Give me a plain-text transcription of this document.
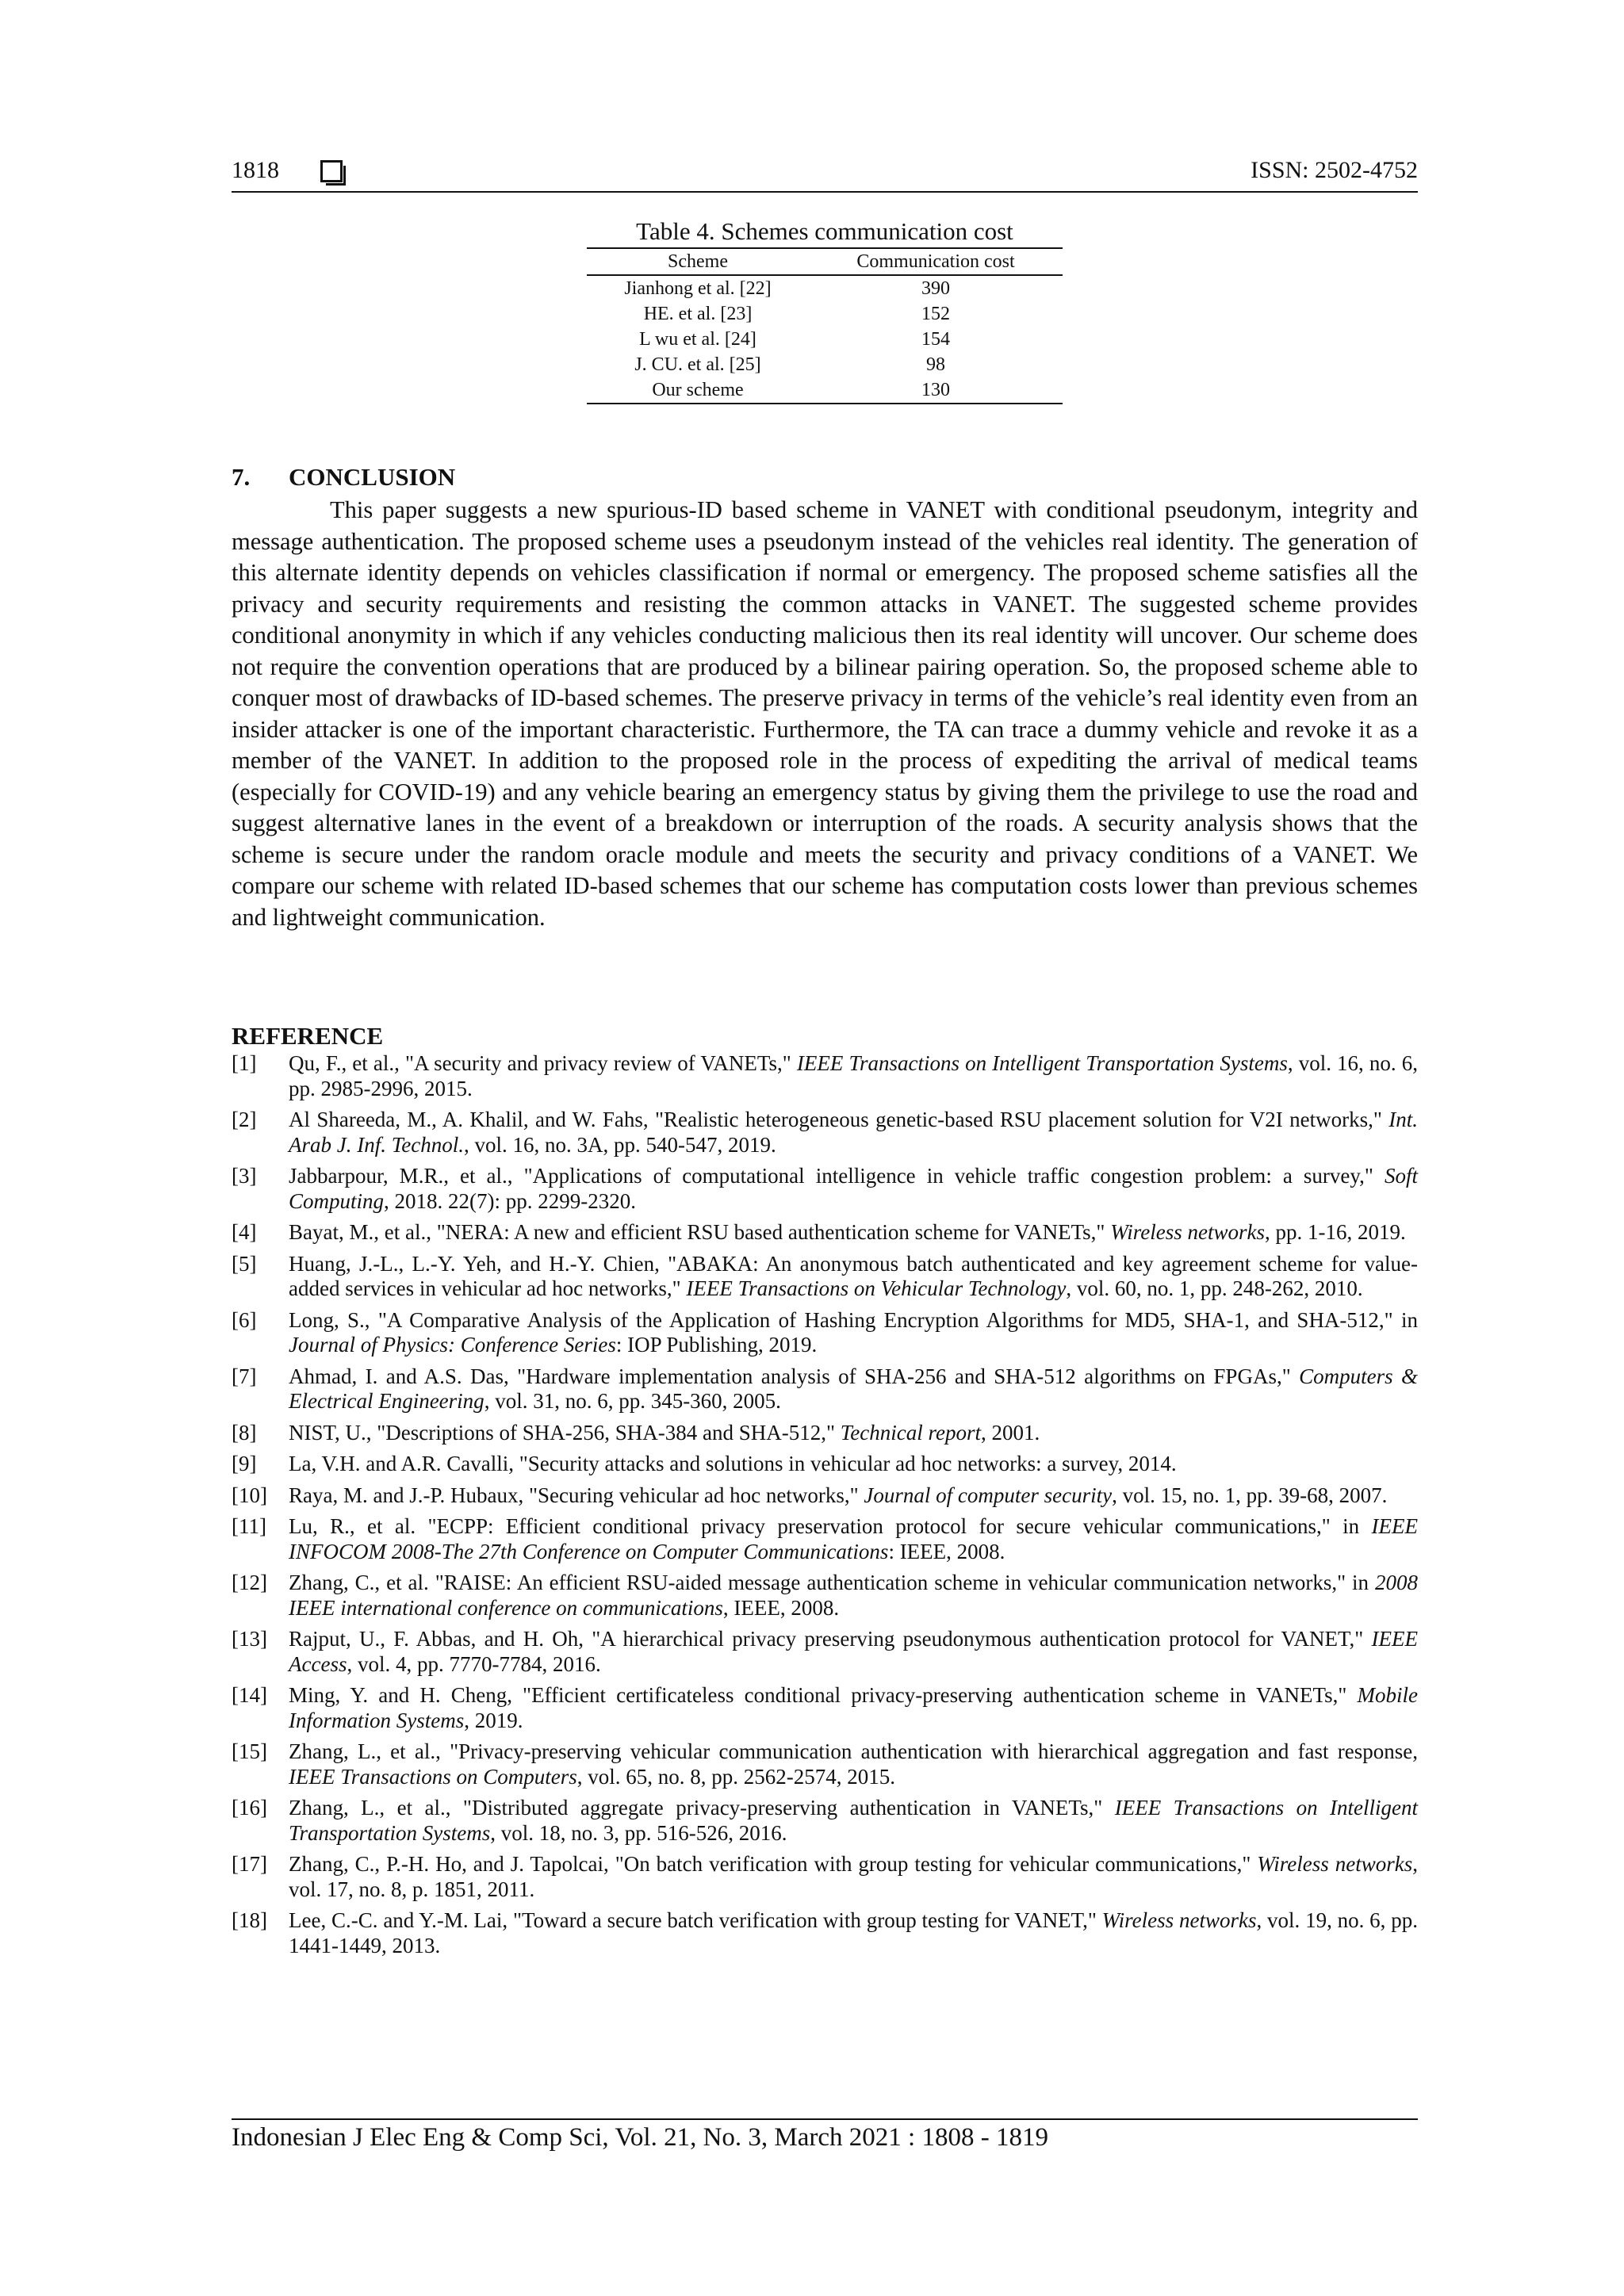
1818	ISSN: 2502-4752
Table 4. Schemes communication cost
Scheme	Communication cost
Jianhong et al. [22]	390
HE. et al. [23]	152
L wu et al. [24]	154
J. CU. et al. [25]	98
Our scheme	130
7. CONCLUSION

This paper suggests a new spurious-ID based scheme in VANET with conditional pseudonym, integrity and message authentication. The proposed scheme uses a pseudonym instead of the vehicles real identity. The generation of this alternate identity depends on vehicles classification if normal or emergency. The proposed scheme satisfies all the privacy and security requirements and resisting the common attacks in VANET. The suggested scheme provides conditional anonymity in which if any vehicles conducting malicious then its real identity will uncover. Our scheme does not require the convention operations that are produced by a bilinear pairing operation. So, the proposed scheme able to conquer most of drawbacks of ID-based schemes. The preserve privacy in terms of the vehicle’s real identity even from an insider attacker is one of the important characteristic. Furthermore, the TA can trace a dummy vehicle and revoke it as a member of the VANET. In addition to the proposed role in the process of expediting the arrival of medical teams (especially for COVID-19) and any vehicle bearing an emergency status by giving them the privilege to use the road and suggest alternative lanes in the event of a breakdown or interruption of the roads. A security analysis shows that the scheme is secure under the random oracle module and meets the security and privacy conditions of a VANET. We compare our scheme with related ID-based schemes that our scheme has computation costs lower than previous schemes and lightweight communication.

REFERENCE
[1] Qu, F., et al., "A security and privacy review of VANETs," IEEE Transactions on Intelligent Transportation Systems, vol. 16, no. 6, pp. 2985-2996, 2015.
[2] Al Shareeda, M., A. Khalil, and W. Fahs, "Realistic heterogeneous genetic-based RSU placement solution for V2I networks," Int. Arab J. Inf. Technol., vol. 16, no. 3A, pp. 540-547, 2019.
[3] Jabbarpour, M.R., et al., "Applications of computational intelligence in vehicle traffic congestion problem: a survey," Soft Computing, 2018. 22(7): pp. 2299-2320.
[4] Bayat, M., et al., "NERA: A new and efficient RSU based authentication scheme for VANETs," Wireless networks, pp. 1-16, 2019.
[5] Huang, J.-L., L.-Y. Yeh, and H.-Y. Chien, "ABAKA: An anonymous batch authenticated and key agreement scheme for value-added services in vehicular ad hoc networks," IEEE Transactions on Vehicular Technology, vol. 60, no. 1, pp. 248-262, 2010.
[6] Long, S., "A Comparative Analysis of the Application of Hashing Encryption Algorithms for MD5, SHA-1, and SHA-512," in Journal of Physics: Conference Series: IOP Publishing, 2019.
[7] Ahmad, I. and A.S. Das, "Hardware implementation analysis of SHA-256 and SHA-512 algorithms on FPGAs," Computers & Electrical Engineering, vol. 31, no. 6, pp. 345-360, 2005.
[8] NIST, U., "Descriptions of SHA-256, SHA-384 and SHA-512," Technical report, 2001.
[9] La, V.H. and A.R. Cavalli, "Security attacks and solutions in vehicular ad hoc networks: a survey, 2014.
[10] Raya, M. and J.-P. Hubaux, "Securing vehicular ad hoc networks," Journal of computer security, vol. 15, no. 1, pp. 39-68, 2007.
[11] Lu, R., et al. "ECPP: Efficient conditional privacy preservation protocol for secure vehicular communications," in IEEE INFOCOM 2008-The 27th Conference on Computer Communications: IEEE, 2008.
[12] Zhang, C., et al. "RAISE: An efficient RSU-aided message authentication scheme in vehicular communication networks," in 2008 IEEE international conference on communications, IEEE, 2008.
[13] Rajput, U., F. Abbas, and H. Oh, "A hierarchical privacy preserving pseudonymous authentication protocol for VANET," IEEE Access, vol. 4, pp. 7770-7784, 2016.
[14] Ming, Y. and H. Cheng, "Efficient certificateless conditional privacy-preserving authentication scheme in VANETs," Mobile Information Systems, 2019.
[15] Zhang, L., et al., "Privacy-preserving vehicular communication authentication with hierarchical aggregation and fast response, IEEE Transactions on Computers, vol. 65, no. 8, pp. 2562-2574, 2015.
[16] Zhang, L., et al., "Distributed aggregate privacy-preserving authentication in VANETs," IEEE Transactions on Intelligent Transportation Systems, vol. 18, no. 3, pp. 516-526, 2016.
[17] Zhang, C., P.-H. Ho, and J. Tapolcai, "On batch verification with group testing for vehicular communications," Wireless networks, vol. 17, no. 8, p. 1851, 2011.
[18] Lee, C.-C. and Y.-M. Lai, "Toward a secure batch verification with group testing for VANET," Wireless networks, vol. 19, no. 6, pp. 1441-1449, 2013.
Indonesian J Elec Eng & Comp Sci, Vol. 21, No. 3, March 2021 : 1808 - 1819
